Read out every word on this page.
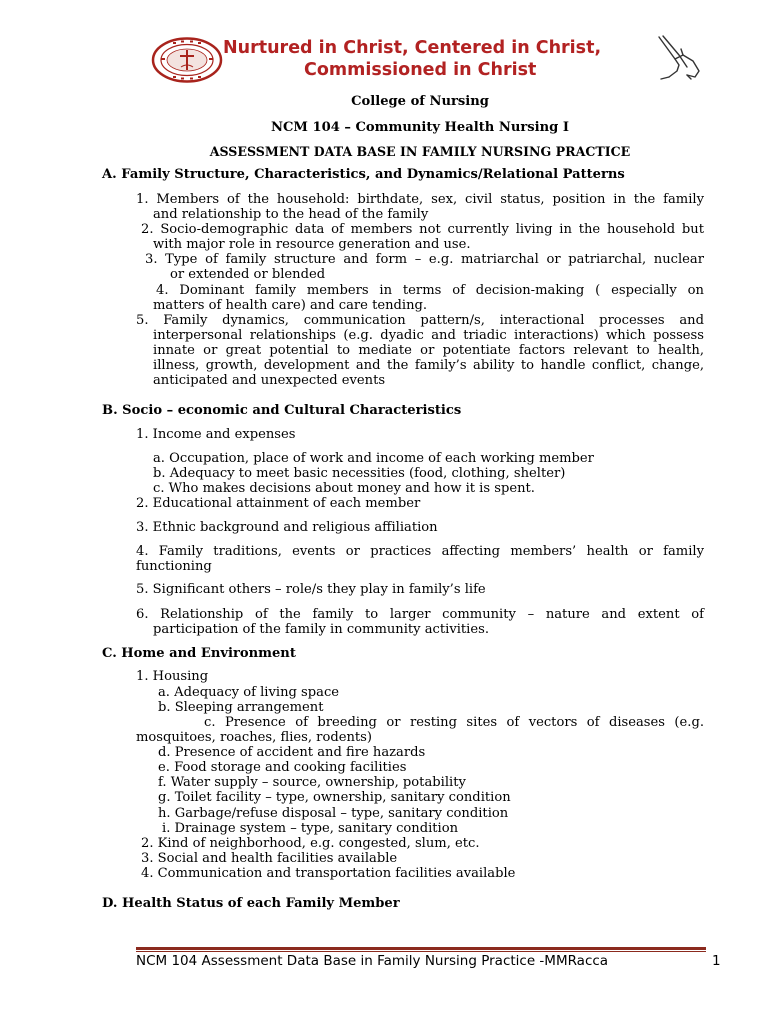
Nurtured in Christ, Centered in Christ,
Commissioned in Christ
College of Nursing
NCM 104 – Community Health Nursing I
ASSESSMENT DATA BASE IN FAMILY NURSING PRACTICE
A. Family Structure, Characteristics, and Dynamics/Relational Patterns
1. Members of the household: birthdate, sex, civil status, position in the family
and relationship to the head of the family
2. Socio-demographic data of members not currently living in the household but
with major role in resource generation and use.
3. Type of family structure and form – e.g. matriarchal or patriarchal, nuclear
or extended or blended
4. Dominant family members in terms of decision-making ( especially on
matters of health care) and care tending.
5. Family dynamics, communication pattern/s, interactional processes and
interpersonal relationships (e.g. dyadic and triadic interactions) which possess innate or great potential to mediate or potentiate factors relevant to health, illness, growth, development and the family’s ability to handle conflict, change, anticipated and unexpected events
B. Socio – economic and Cultural Characteristics
1. Income and expenses
a. Occupation, place of work and income of each working member
b. Adequacy to meet basic necessities (food, clothing, shelter)
c. Who makes decisions about money and how it is spent.
2. Educational attainment of each member
3. Ethnic background and religious affiliation
4. Family traditions, events or practices affecting members’ health or family functioning
5. Significant others – role/s they play in family’s life
6. Relationship of the family to larger community – nature and extent of
participation of the family in community activities.
C. Home and Environment
1. Housing
a. Adequacy of living space
b. Sleeping arrangement
c. Presence of breeding or resting sites of vectors of diseases (e.g. mosquitoes, roaches, flies, rodents)
d. Presence of accident and fire hazards
e. Food storage and cooking facilities
f. Water supply – source, ownership, potability
g. Toilet facility – type, ownership, sanitary condition
h. Garbage/refuse disposal – type, sanitary condition
i. Drainage system – type, sanitary condition
2. Kind of neighborhood, e.g. congested, slum, etc.
3. Social and health facilities available
4. Communication and transportation facilities available
D. Health Status of each Family Member
NCM 104 Assessment Data Base in Family Nursing Practice -MMRacca	1
